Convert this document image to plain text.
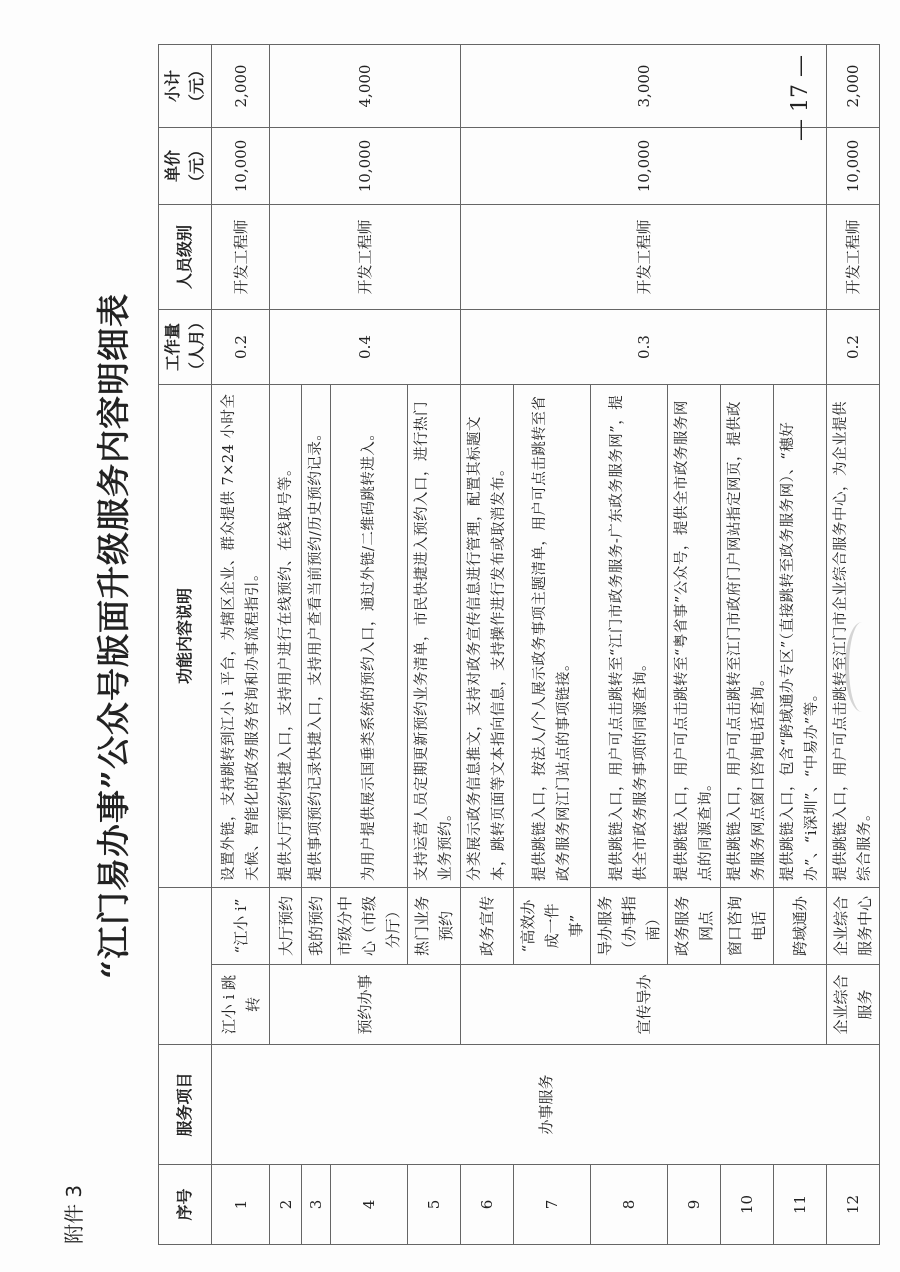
附件 3
“江门易办事”公众号版面升级服务内容明细表
序号	服务项目			功能内容说明	工作量（人月）	人员级别	单价（元）	小计（元）
1	办事服务	江小 i 跳转	“江小 i”	设置外链，支持跳转到江小 i 平台，为辖区企业、群众提供 7×24 小时全天候、智能化的政务服务咨询和办事流程指引。	0.2	开发工程师	10,000	2,000
2		预约办事	大厅预约	提供大厅预约快捷入口，支持用户进行在线预约、在线取号等。	0.4	开发工程师	10,000	4,000
3			我的预约	提供事项预约记录快捷入口，支持用户查看当前预约/历史预约记录。				
4			市级分中心（市级分厅）	为用户提供展示国垂类系统的预约入口，通过外链/二维码跳转进入。				
5			热门业务预约	支持运营人员定期更新预约业务清单，市民快捷进入预约入口，进行热门业务预约。				
6		宣传导办	政务宣传	分类展示政务信息推文，支持对政务宣传信息进行管理，配置其标题文本，跳转页面等文本指向信息，支持操作进行发布或取消发布。	0.3	开发工程师	10,000	3,000
7			“高效办成一件事”	提供跳链入口，按法人/个人展示政务事项主题清单，用户可点击跳转至省政务服务网江门站点的事项链接。				
8			导办服务（办事指南）	提供跳链入口，用户可点击跳转至“江门市政务服务-广东政务服务网”，提供全市政务服务事项的同源查询。				
9			政务服务网点	提供跳链入口，用户可点击跳转至“粤省事”公众号，提供全市政务服务网点的同源查询。				
10			窗口咨询电话	提供跳链入口，用户可点击跳转至江门市政府门户网站指定网页，提供政务服务网点窗口咨询电话查询。				
11			跨域通办	提供跳链入口，包含“跨域通办专区”（直接跳转至政务服务网）、“穗好办”、“i深圳”、“中易办”等。				
12		企业综合服务	企业综合服务中心	提供跳链入口，用户可点击跳转至江门市企业综合服务中心，为企业提供综合服务。	0.2	开发工程师	10,000	2,000
— 17 —
